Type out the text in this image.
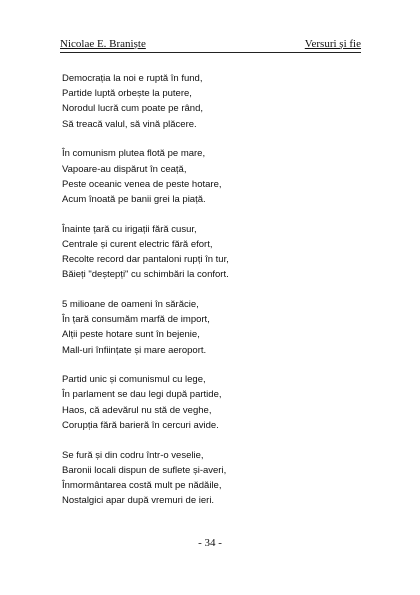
Nicolae E. Braniște	Versuri și fie
Democrația la noi e ruptă în fund,
Partide luptă orbește la putere,
Norodul lucră cum poate pe rând,
Să treacă valul, să vină plăcere.
În comunism plutea flotă pe mare,
Vapoare-au dispărut în ceață,
Peste oceanic venea de peste hotare,
Acum înoată pe banii grei la piață.
Înainte țară cu irigații fără cusur,
Centrale și curent electric fără efort,
Recolte record dar pantaloni rupți în tur,
Băieți "deștepți" cu schimbări la confort.
5 milioane de oameni în sărăcie,
În țară consumăm marfă de import,
Alții peste hotare sunt în bejenie,
Mall-uri înființate și mare aeroport.
Partid unic și comunismul cu lege,
În parlament se dau legi după partide,
Haos, că adevărul nu stă de veghe,
Corupția fără barieră în cercuri avide.
Se fură și din codru într-o veselie,
Baronii locali dispun de suflete și-averi,
Înmormântarea costă mult pe nădăile,
Nostalgici apar după vremuri de ieri.
- 34 -
